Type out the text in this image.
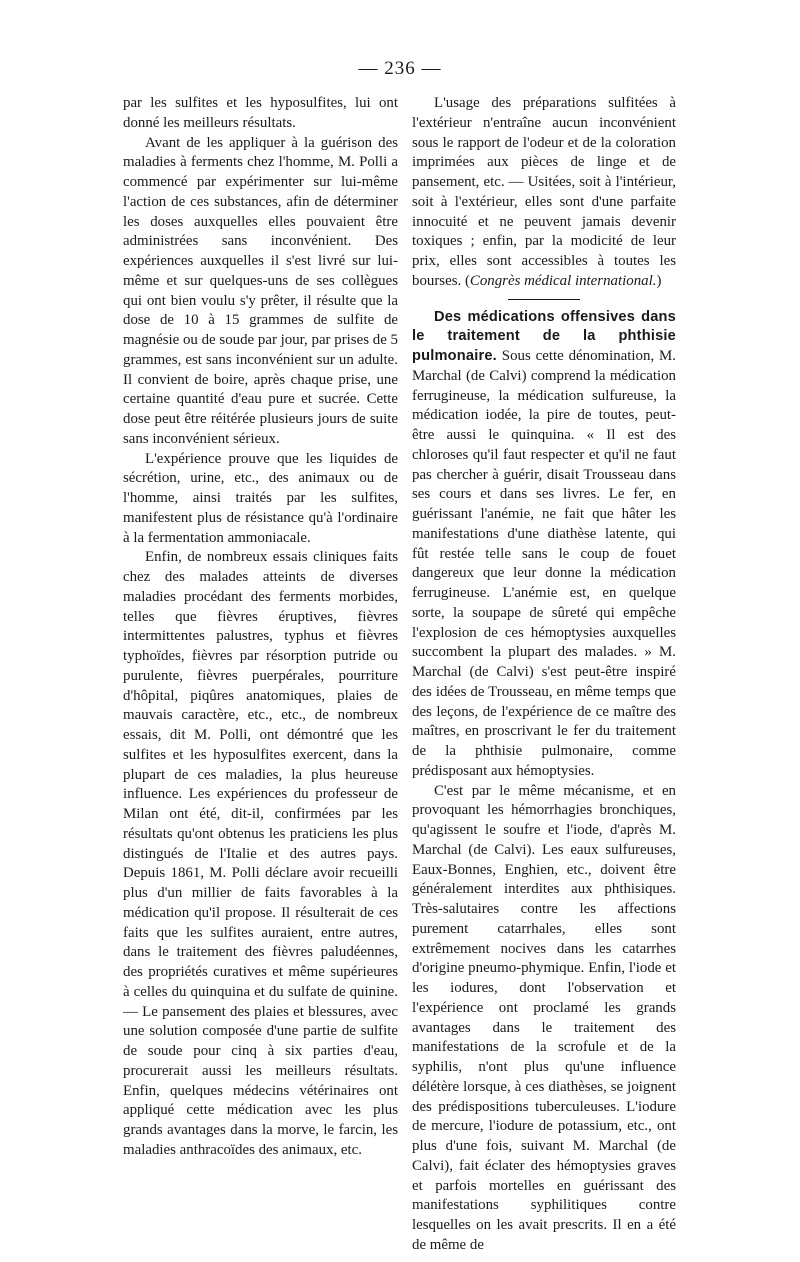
— 236 —

par les sulfites et les hyposulfites, lui ont donné les meilleurs résultats.

Avant de les appliquer à la guérison des maladies à ferments chez l'homme, M. Polli a commencé par expérimenter sur lui-même l'action de ces substances, afin de déterminer les doses auxquelles elles pouvaient être administrées sans inconvénient. Des expériences auxquelles il s'est livré sur lui-même et sur quelques-uns de ses collègues qui ont bien voulu s'y prêter, il résulte que la dose de 10 à 15 grammes de sulfite de magnésie ou de soude par jour, par prises de 5 grammes, est sans inconvénient sur un adulte. Il convient de boire, après chaque prise, une certaine quantité d'eau pure et sucrée. Cette dose peut être réitérée plusieurs jours de suite sans inconvénient sérieux.

L'expérience prouve que les liquides de sécrétion, urine, etc., des animaux ou de l'homme, ainsi traités par les sulfites, manifestent plus de résistance qu'à l'ordinaire à la fermentation ammoniacale.

Enfin, de nombreux essais cliniques faits chez des malades atteints de diverses maladies procédant des ferments morbides, telles que fièvres éruptives, fièvres intermittentes palustres, typhus et fièvres typhoïdes, fièvres par résorption putride ou purulente, fièvres puerpérales, pourriture d'hôpital, piqûres anatomiques, plaies de mauvais caractère, etc., etc., de nombreux essais, dit M. Polli, ont démontré que les sulfites et les hyposulfites exercent, dans la plupart de ces maladies, la plus heureuse influence. Les expériences du professeur de Milan ont été, dit-il, confirmées par les résultats qu'ont obtenus les praticiens les plus distingués de l'Italie et des autres pays. Depuis 1861, M. Polli déclare avoir recueilli plus d'un millier de faits favorables à la médication qu'il propose. Il résulterait de ces faits que les sulfites auraient, entre autres, dans le traitement des fièvres paludéennes, des propriétés curatives et même supérieures à celles du quinquina et du sulfate de quinine. — Le pansement des plaies et blessures, avec une solution composée d'une partie de sulfite de soude pour cinq à six parties d'eau, procurerait aussi les meilleurs résultats. Enfin, quelques médecins vétérinaires ont appliqué cette médication avec les plus grands avantages dans la morve, le farcin, les maladies anthracoïdes des animaux, etc.

L'usage des préparations sulfitées à l'extérieur n'entraîne aucun inconvénient sous le rapport de l'odeur et de la coloration imprimées aux pièces de linge et de pansement, etc. — Usitées, soit à l'intérieur, soit à l'extérieur, elles sont d'une parfaite innocuité et ne peuvent jamais devenir toxiques ; enfin, par la modicité de leur prix, elles sont accessibles à toutes les bourses. (Congrès médical international.)

Des médications offensives dans le traitement de la phthisie pulmonaire. Sous cette dénomination, M. Marchal (de Calvi) comprend la médication ferrugineuse, la médication sulfureuse, la médication iodée, la pire de toutes, peut-être aussi le quinquina. « Il est des chloroses qu'il faut respecter et qu'il ne faut pas chercher à guérir, disait Trousseau dans ses cours et dans ses livres. Le fer, en guérissant l'anémie, ne fait que hâter les manifestations d'une diathèse latente, qui fût restée telle sans le coup de fouet dangereux que leur donne la médication ferrugineuse. L'anémie est, en quelque sorte, la soupape de sûreté qui empêche l'explosion de ces hémoptysies auxquelles succombent la plupart des malades. » M. Marchal (de Calvi) s'est peut-être inspiré des idées de Trousseau, en même temps que des leçons, de l'expérience de ce maître des maîtres, en proscrivant le fer du traitement de la phthisie pulmonaire, comme prédisposant aux hémoptysies.

C'est par le même mécanisme, et en provoquant les hémorrhagies bronchiques, qu'agissent le soufre et l'iode, d'après M. Marchal (de Calvi). Les eaux sulfureuses, Eaux-Bonnes, Enghien, etc., doivent être généralement interdites aux phthisiques. Très-salutaires contre les affections purement catarrhales, elles sont extrêmement nocives dans les catarrhes d'origine pneumo-phymique. Enfin, l'iode et les iodures, dont l'observation et l'expérience ont proclamé les grands avantages dans le traitement des manifestations de la scrofule et de la syphilis, n'ont plus qu'une influence délétère lorsque, à ces diathèses, se joignent des prédispositions tuberculeuses. L'iodure de mercure, l'iodure de potassium, etc., ont plus d'une fois, suivant M. Marchal (de Calvi), fait éclater des hémoptysies graves et parfois mortelles en guérissant des manifestations syphilitiques contre lesquelles on les avait prescrits. Il en a été de même de
